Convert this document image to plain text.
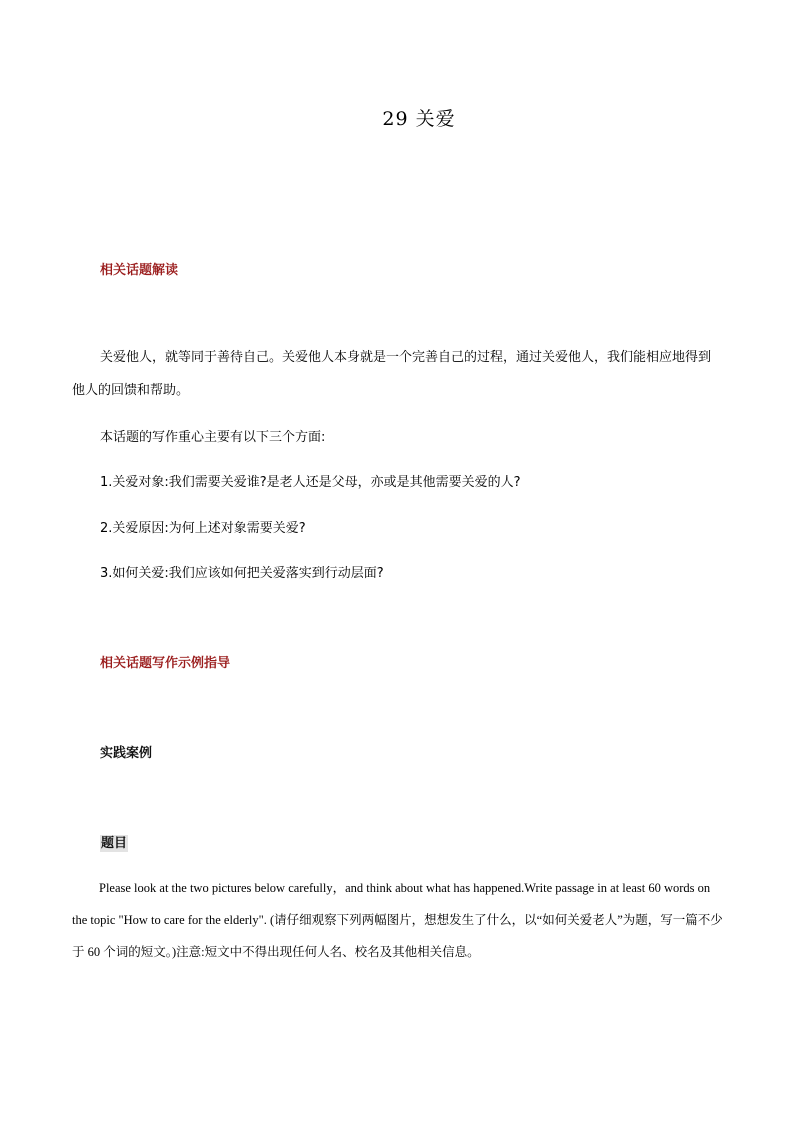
29 关爱
相关话题解读

关爱他人，就等同于善待自己。关爱他人本身就是一个完善自己的过程，通过关爱他人，我们能相应地得到他人的回馈和帮助。

本话题的写作重心主要有以下三个方面:
1.关爱对象:我们需要关爱谁?是老人还是父母，亦或是其他需要关爱的人?
2.关爱原因:为何上述对象需要关爱?
3.如何关爱:我们应该如何把关爱落实到行动层面?
相关话题写作示例指导
实践案例
题目

Please look at the two pictures below carefully，and think about what has happened.Write passage in at least 60 words on the topic "How to care for the elderly". (请仔细观察下列两幅图片，想想发生了什么，以“如何关爱老人”为题，写一篇不少于 60 个词的短文。)注意:短文中不得出现任何人名、校名及其他相关信息。
